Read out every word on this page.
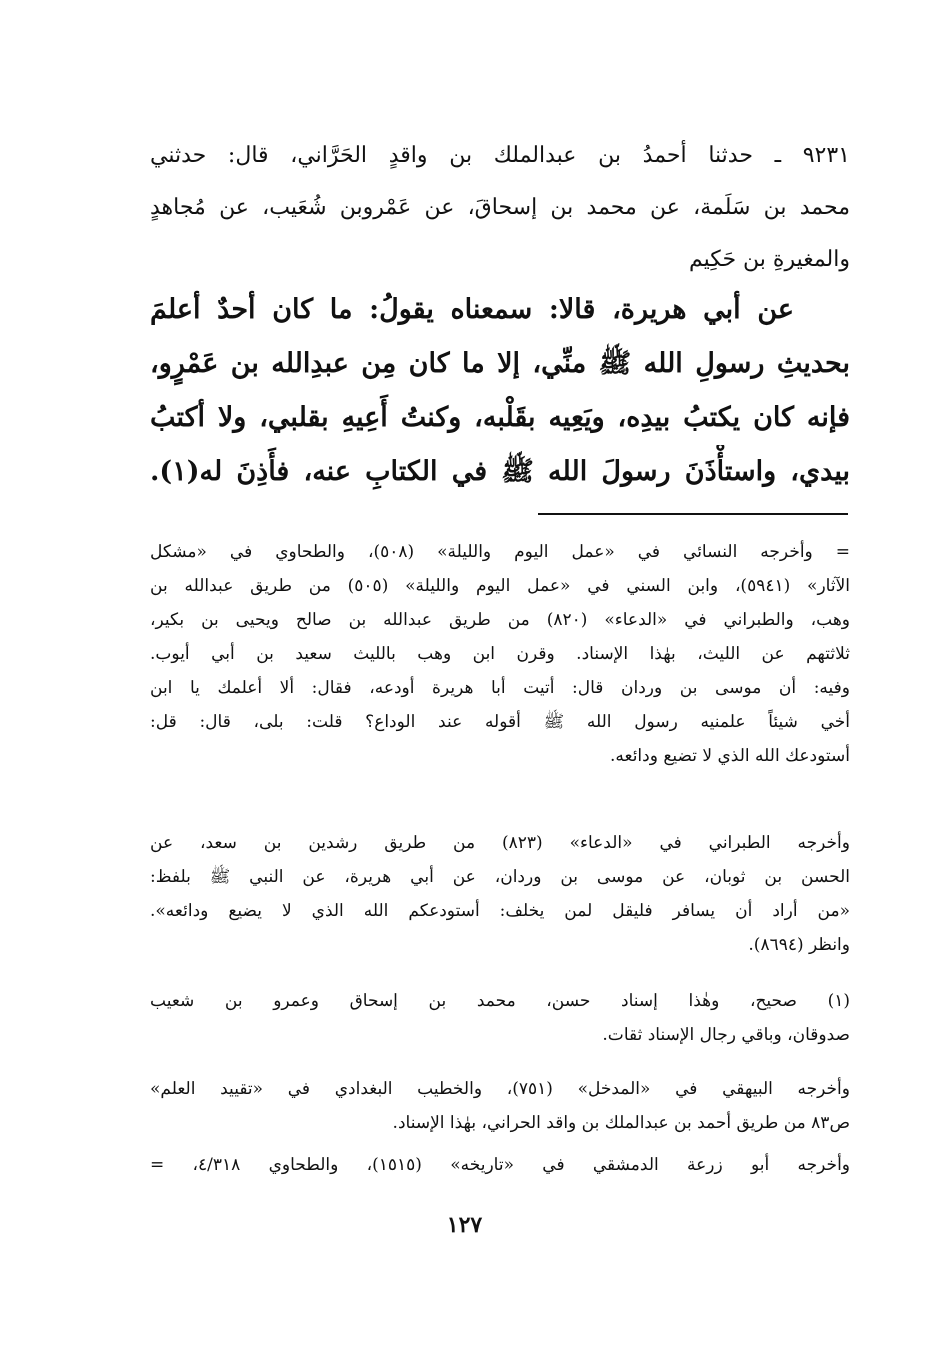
٩٢٣١ ـ حدثنا أحمدُ بن عبدالملك بن واقدٍ الحَرَّاني، قال: حدثني
محمد بن سَلَمة، عن محمد بن إسحاقَ، عن عَمْروبن شُعَيب، عن مُجاهدٍ
والمغيرةِ بن حَكِيم
عن أبي هريرة، قالا: سمعناه يقولُ: ما كان أحدٌ أعلمَ
بحديثِ رسولِ الله ﷺ منِّي، إلا ما كان مِن عبدِالله بن عَمْرٍو،
فإنه كان يكتبُ بيدِه، ويَعِيه بقَلْبه، وكنتُ أَعِيهِ بقلبي، ولا أكتبُ
بيدي، واستأْذَنَ رسولَ الله ﷺ في الكتابِ عنه، فأَذِنَ له(١).
= وأخرجه النسائي في «عمل اليوم والليلة» (٥٠٨)، والطحاوي في «مشكل
الآثار» (٥٩٤١)، وابن السني في «عمل اليوم والليلة» (٥٠٥) من طريق عبدالله بن
وهب، والطبراني في «الدعاء» (٨٢٠) من طريق عبدالله بن صالح ويحيى بن بكير،
ثلاثتهم عن الليث، بهٰذا الإسناد. وقرن ابن وهب بالليث سعيد بن أبي أيوب.
وفيه: أن موسى بن وردان قال: أتيت أبا هريرة أودعه، فقال: ألا أعلمك يا ابن
أخي شيئاً علمنيه رسول الله ﷺ أقوله عند الوداع؟ قلت: بلى، قال: قل:
أستودعك الله الذي لا تضيع ودائعه.
وأخرجه الطبراني في «الدعاء» (٨٢٣) من طريق رشدين بن سعد، عن
الحسن بن ثوبان، عن موسى بن وردان، عن أبي هريرة، عن النبي ﷺ بلفظ:
«من أراد أن يسافر فليقل لمن يخلف: أستودعكم الله الذي لا يضيع ودائعه».
وانظر (٨٦٩٤).
(١) صحيح، وهٰذا إسناد حسن، محمد بن إسحاق وعمرو بن شعيب
صدوقان، وباقي رجال الإسناد ثقات.
وأخرجه البيهقي في «المدخل» (٧٥١)، والخطيب البغدادي في «تقييد العلم»
ص٨٣ من طريق أحمد بن عبدالملك بن واقد الحراني، بهٰذا الإسناد.
وأخرجه أبو زرعة الدمشقي في «تاريخه» (١٥١٥)، والطحاوي ٤/٣١٨، =
١٢٧
